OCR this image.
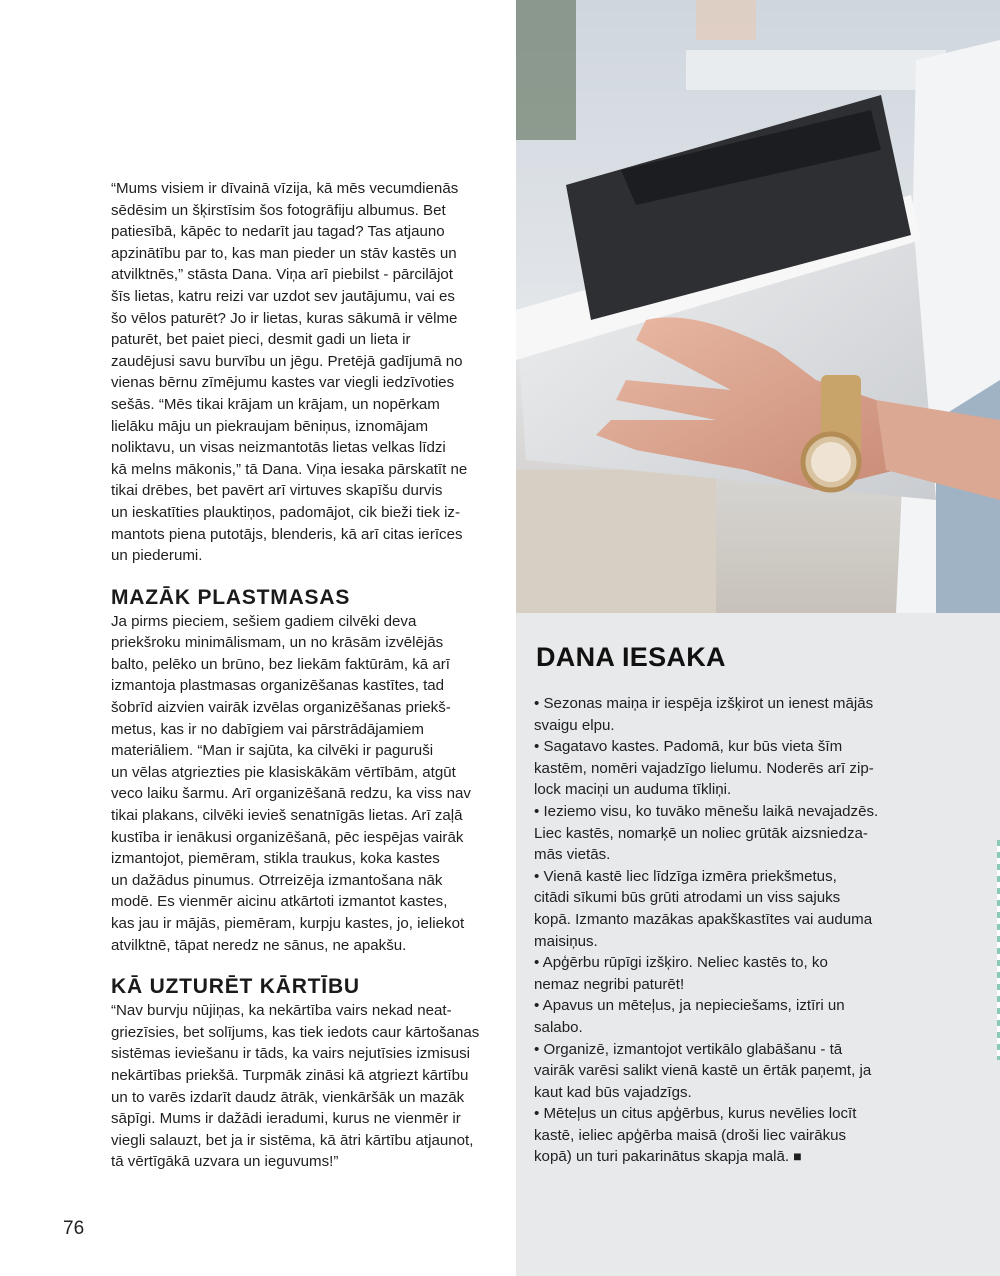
“Mums visiem ir dīvainā vīzija, kā mēs vecumdienās
sēdēsim un šķirstīsim šos fotogrāfiju albumus. Bet
patiesībā, kāpēc to nedarīt jau tagad? Tas atjauno
apzinātību par to, kas man pieder un stāv kastēs un
atvilktnēs,” stāsta Dana. Viņa arī piebilst - pārcilājot
šīs lietas, katru reizi var uzdot sev jautājumu, vai es
šo vēlos paturēt? Jo ir lietas, kuras sākumā ir vēlme
paturēt, bet paiet pieci, desmit gadi un lieta ir
zaudējusi savu burvību un jēgu. Pretējā gadījumā no
vienas bērnu zīmējumu kastes var viegli iedzīvoties
sešās. “Mēs tikai krājam un krājam, un nopērkam
lielāku māju un piekraujam bēniņus, iznomājam
noliktavu, un visas neizmantotās lietas velkas līdzi
kā melns mākonis,” tā Dana. Viņa iesaka pārskatīt ne
tikai drēbes, bet pavērt arī virtuves skapīšu durvis
un ieskatīties plauktiņos, padomājot, cik bieži tiek iz-
mantots piena putotājs, blenderis, kā arī citas ierīces
un piederumi.

MAZĀK PLASTMASAS

Ja pirms pieciem, sešiem gadiem cilvēki deva
priekšroku minimālismam, un no krāsām izvēlējās
balto, pelēko un brūno, bez liekām faktūrām, kā arī
izmantoja plastmasas organizēšanas kastītes, tad
šobrīd aizvien vairāk izvēlas organizēšanas priekš-
metus, kas ir no dabīgiem vai pārstrādājamiem
materiāliem. “Man ir sajūta, ka cilvēki ir paguruši
un vēlas atgriezties pie klasiskākām vērtībām, atgūt
veco laiku šarmu. Arī organizēšanā redzu, ka viss nav
tikai plakans, cilvēki ievieš senatnīgās lietas. Arī zaļā
kustība ir ienākusi organizēšanā, pēc iespējas vairāk
izmantojot, piemēram, stikla traukus, koka kastes
un dažādus pinumus. Otrreizēja izmantošana nāk
modē. Es vienmēr aicinu atkārtoti izmantot kastes,
kas jau ir mājās, piemēram, kurpju kastes, jo, ieliekot
atvilktnē, tāpat neredz ne sānus, ne apakšu.

KĀ UZTURĒT KĀRTĪBU

“Nav burvju nūjiņas, ka nekārtība vairs nekad neat-
griezīsies, bet solījums, kas tiek iedots caur kārtošanas
sistēmas ieviešanu ir tāds, ka vairs nejutīsies izmisusi
nekārtības priekšā. Turpmāk zināsi kā atgriezt kārtību
un to varēs izdarīt daudz ātrāk, vienkāršāk un mazāk
sāpīgi. Mums ir dažādi ieradumi, kurus ne vienmēr ir
viegli salauzt, bet ja ir sistēma, kā ātri kārtību atjaunot,
tā vērtīgākā uzvara un ieguvums!”

76
DANA IESAKA
• Sezonas maiņa ir iespēja izšķirot un ienest mājās
svaigu elpu.

• Sagatavo kastes. Padomā, kur būs vieta šīm
kastēm, nomēri vajadzīgo lielumu. Noderēs arī zip-
lock maciņi un auduma tīkliņi.

• Ieziemo visu, ko tuvāko mēnešu laikā nevajadzēs.
Liec kastēs, nomarķē un noliec grūtāk aizsniedza-
mās vietās.

• Vienā kastē liec līdzīga izmēra priekšmetus,
citādi sīkumi būs grūti atrodami un viss sajuks
kopā. Izmanto mazākas apakškastītes vai auduma
maisiņus.

• Apģērbu rūpīgi izšķiro. Neliec kastēs to, ko
nemaz negribi paturēt!

• Apavus un mēteļus, ja nepieciešams, iztīri un
salabo.

• Organizē, izmantojot vertikālo glabāšanu - tā
vairāk varēsi salikt vienā kastē un ērtāk paņemt, ja
kaut kad būs vajadzīgs.

• Mēteļus un citus apģērbus, kurus nevēlies locīt
kastē, ieliec apģērba maisā (droši liec vairākus
kopā) un turi pakarinātus skapja malā. ■
